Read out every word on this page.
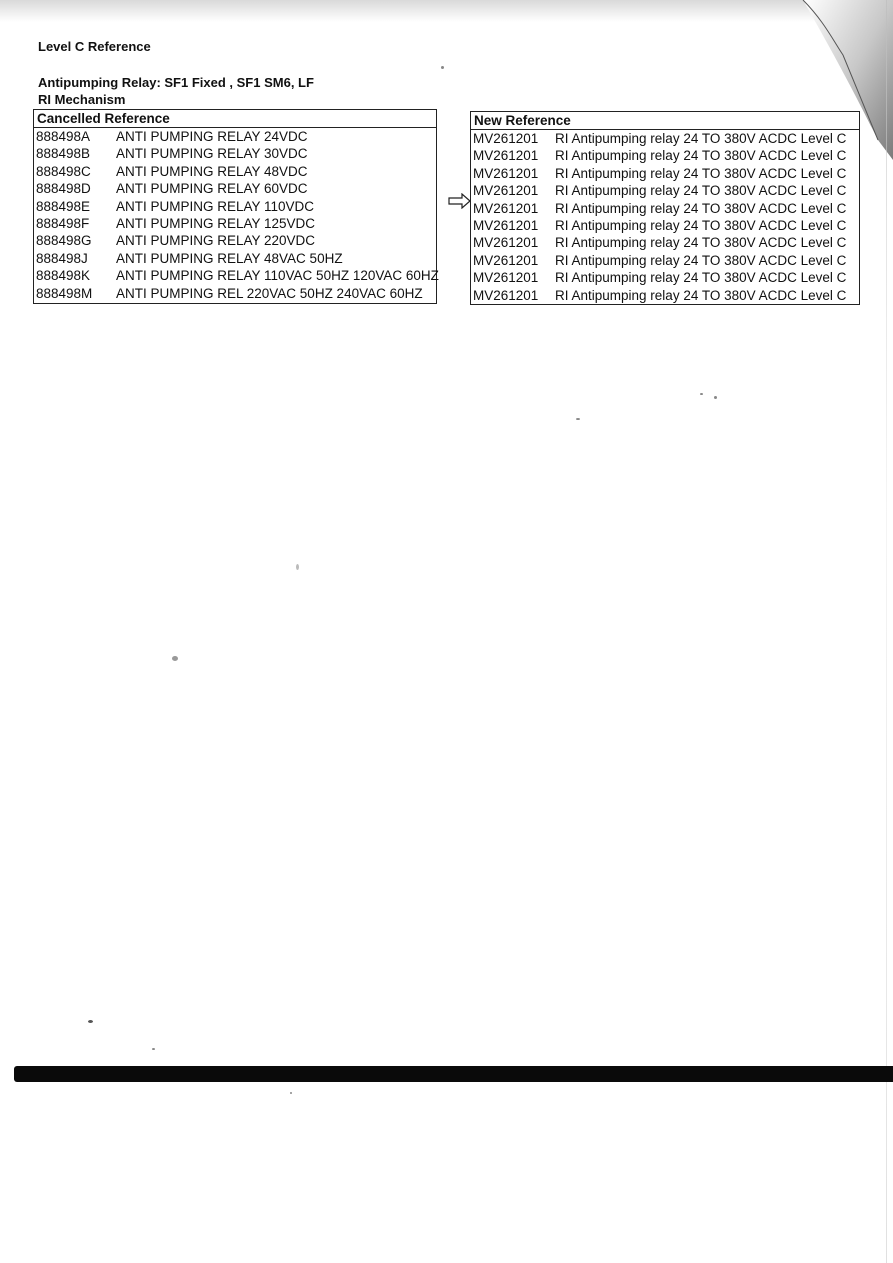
Level C Reference
Antipumping Relay: SF1 Fixed , SF1 SM6, LF
RI Mechanism
Cancelled Reference
888498A ANTI PUMPING RELAY 24VDC
888498B ANTI PUMPING RELAY 30VDC
888498C ANTI PUMPING RELAY 48VDC
888498D ANTI PUMPING RELAY 60VDC
888498E ANTI PUMPING RELAY 110VDC
888498F ANTI PUMPING RELAY 125VDC
888498G ANTI PUMPING RELAY 220VDC
888498J ANTI PUMPING RELAY 48VAC 50HZ
888498K ANTI PUMPING RELAY 110VAC 50HZ 120VAC 60HZ
888498M ANTI PUMPING REL 220VAC 50HZ 240VAC 60HZ
New Reference
MV261201 RI Antipumping relay 24 TO 380V ACDC Level C
MV261201 RI Antipumping relay 24 TO 380V ACDC Level C
MV261201 RI Antipumping relay 24 TO 380V ACDC Level C
MV261201 RI Antipumping relay 24 TO 380V ACDC Level C
MV261201 RI Antipumping relay 24 TO 380V ACDC Level C
MV261201 RI Antipumping relay 24 TO 380V ACDC Level C
MV261201 RI Antipumping relay 24 TO 380V ACDC Level C
MV261201 RI Antipumping relay 24 TO 380V ACDC Level C
MV261201 RI Antipumping relay 24 TO 380V ACDC Level C
MV261201 RI Antipumping relay 24 TO 380V ACDC Level C
